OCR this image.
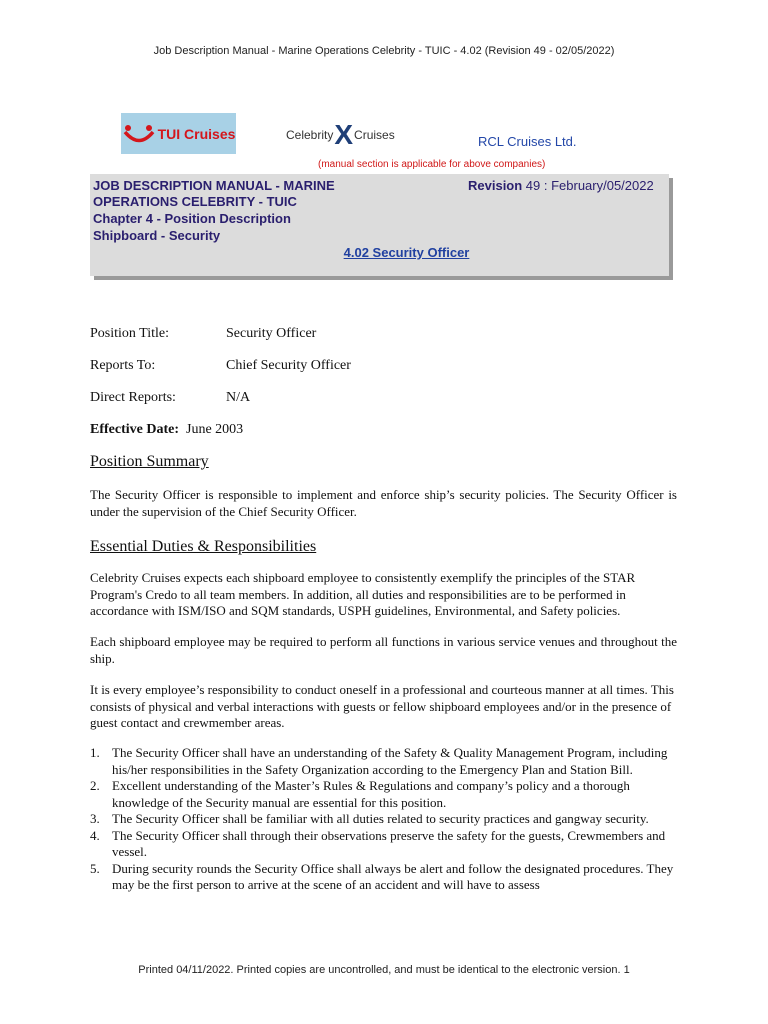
Job Description Manual - Marine Operations Celebrity - TUIC - 4.02 (Revision 49 - 02/05/2022)
TUI Cruises	Celebrity X Cruises	RCL Cruises Ltd.
(manual section is applicable for above companies)
JOB DESCRIPTION MANUAL - MARINE
OPERATIONS CELEBRITY - TUIC
Chapter 4 - Position Description
Shipboard - Security
Revision 49 : February/05/2022
4.02 Security Officer
Position Title:	Security Officer
Reports To:	Chief Security Officer
Direct Reports:	N/A
Effective Date: June 2003
Position Summary

The Security Officer is responsible to implement and enforce ship’s security policies. The Security Officer is under the supervision of the Chief Security Officer.

Essential Duties & Responsibilities

Celebrity Cruises expects each shipboard employee to consistently exemplify the principles of the STAR Program's Credo to all team members. In addition, all duties and responsibilities are to be performed in accordance with ISM/ISO and SQM standards, USPH guidelines, Environmental, and Safety policies.

Each shipboard employee may be required to perform all functions in various service venues and throughout the ship.

It is every employee’s responsibility to conduct oneself in a professional and courteous manner at all times. This consists of physical and verbal interactions with guests or fellow shipboard employees and/or in the presence of guest contact and crewmember areas.

1. The Security Officer shall have an understanding of the Safety & Quality Management Program, including his/her responsibilities in the Safety Organization according to the Emergency Plan and Station Bill.
2. Excellent understanding of the Master’s Rules & Regulations and company’s policy and a thorough knowledge of the Security manual are essential for this position.
3. The Security Officer shall be familiar with all duties related to security practices and gangway security.
4. The Security Officer shall through their observations preserve the safety for the guests, Crewmembers and vessel.
5. During security rounds the Security Office shall always be alert and follow the designated procedures. They may be the first person to arrive at the scene of an accident and will have to assess
Printed 04/11/2022. Printed copies are uncontrolled, and must be identical to the electronic version. 1
